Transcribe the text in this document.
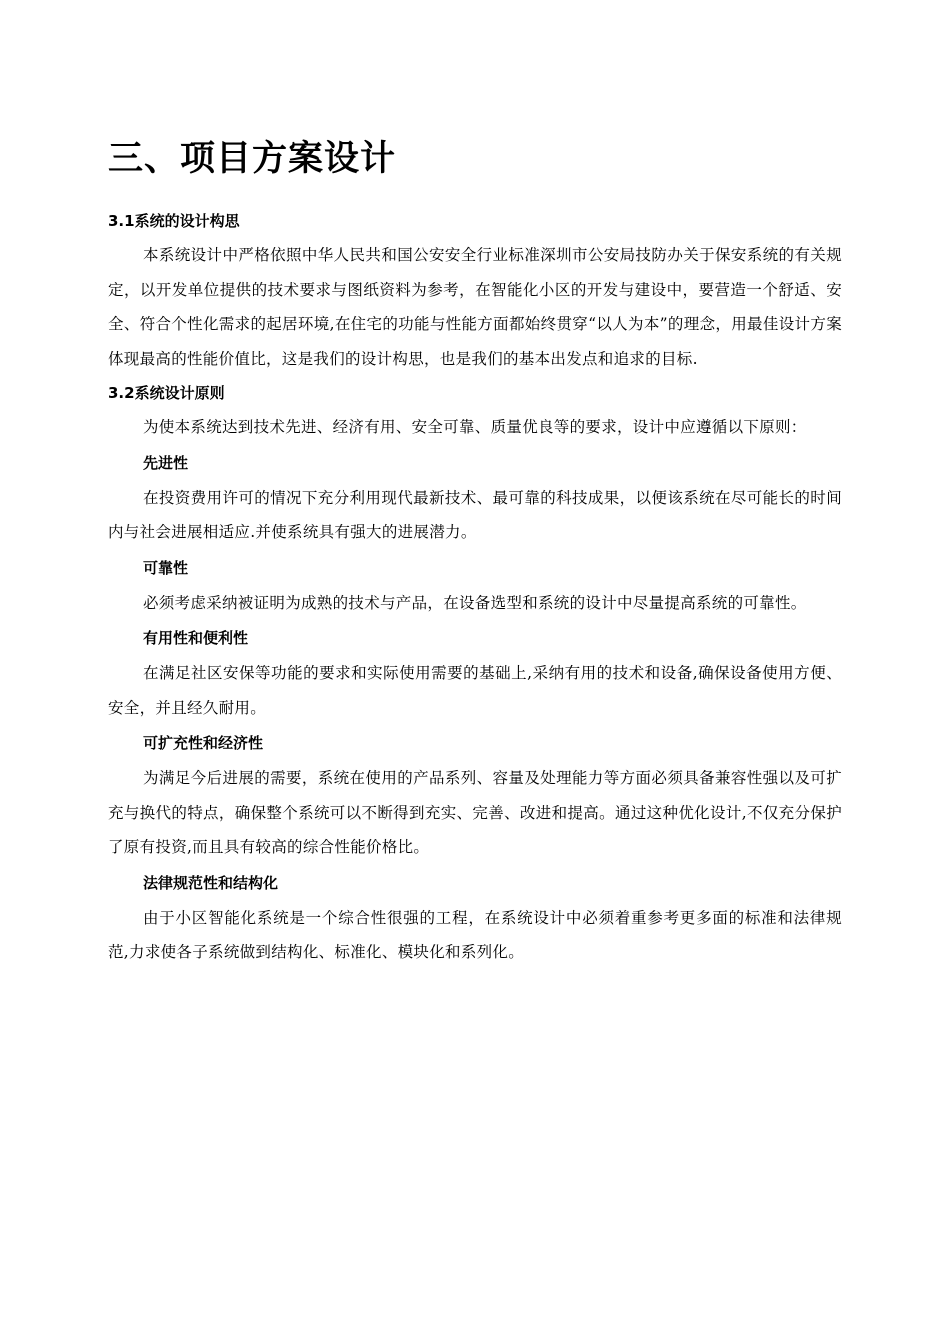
三、项目方案设计
3.1系统的设计构思

本系统设计中严格依照中华人民共和国公安安全行业标准深圳市公安局技防办关于保安系统的有关规定，以开发单位提供的技术要求与图纸资料为参考，在智能化小区的开发与建设中，要营造一个舒适、安全、符合个性化需求的起居环境,在住宅的功能与性能方面都始终贯穿“以人为本”的理念，用最佳设计方案体现最高的性能价值比，这是我们的设计构思，也是我们的基本出发点和追求的目标.

3.2系统设计原则

为使本系统达到技术先进、经济有用、安全可靠、质量优良等的要求，设计中应遵循以下原则：

先进性

在投资费用许可的情况下充分利用现代最新技术、最可靠的科技成果，以便该系统在尽可能长的时间内与社会进展相适应.并使系统具有强大的进展潜力。

可靠性

必须考虑采纳被证明为成熟的技术与产品，在设备选型和系统的设计中尽量提高系统的可靠性。

有用性和便利性

在满足社区安保等功能的要求和实际使用需要的基础上,采纳有用的技术和设备,确保设备使用方便、安全，并且经久耐用。

可扩充性和经济性

为满足今后进展的需要，系统在使用的产品系列、容量及处理能力等方面必须具备兼容性强以及可扩充与换代的特点，确保整个系统可以不断得到充实、完善、改进和提高。通过这种优化设计,不仅充分保护了原有投资,而且具有较高的综合性能价格比。

法律规范性和结构化

由于小区智能化系统是一个综合性很强的工程，在系统设计中必须着重参考更多面的标准和法律规范,力求使各子系统做到结构化、标准化、模块化和系列化。
